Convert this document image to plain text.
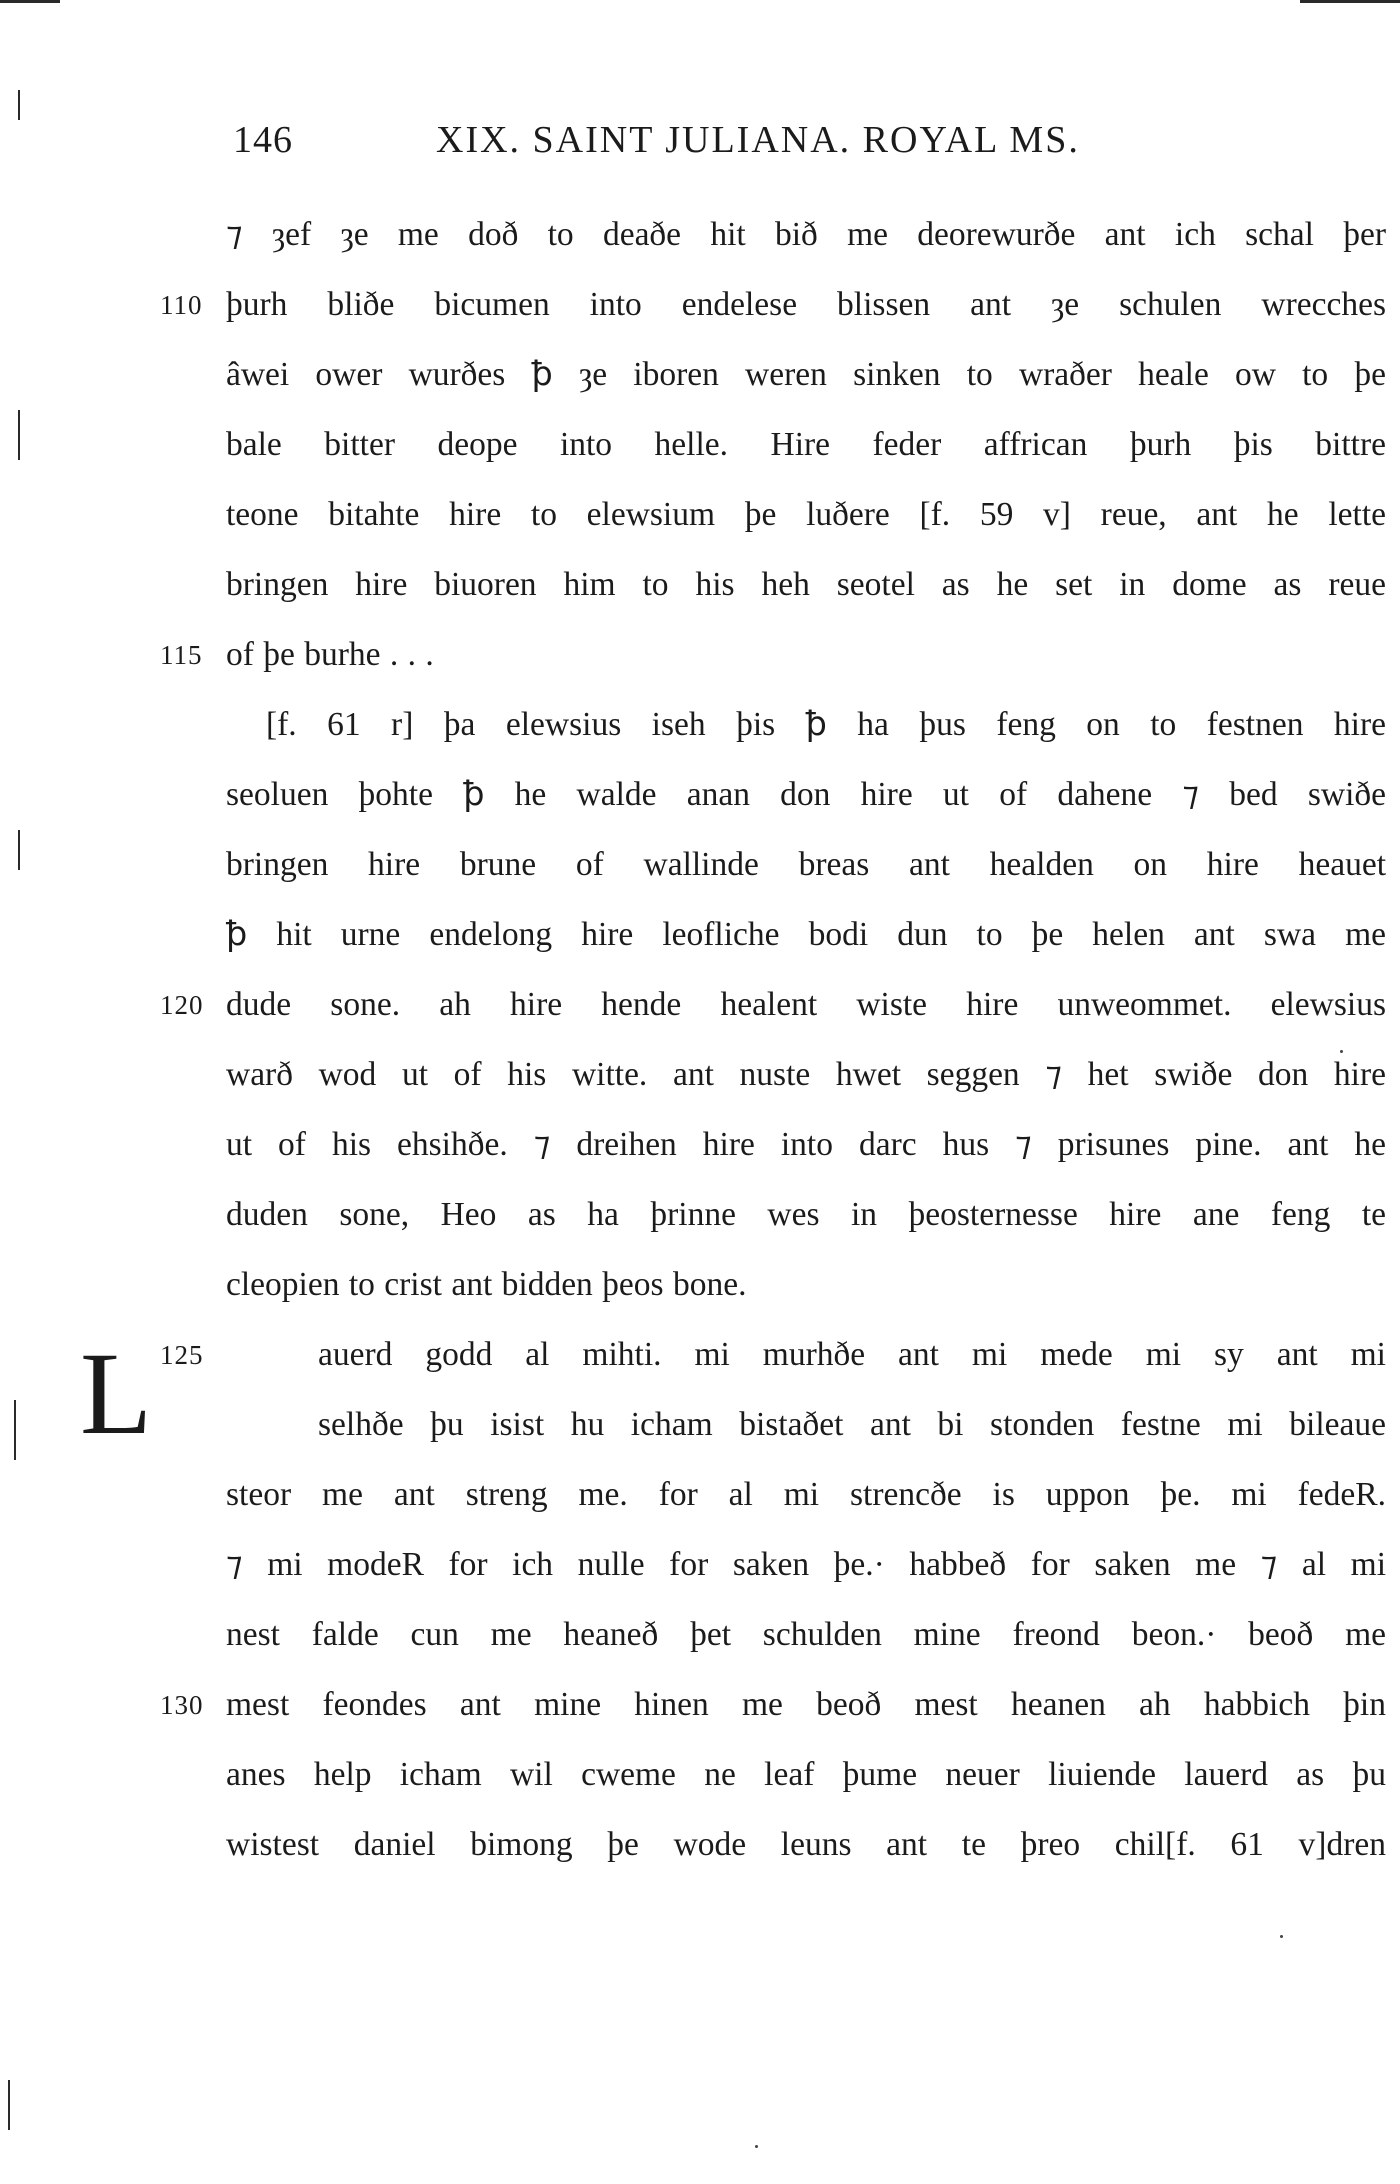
146	XIX. SAINT JULIANA. ROYAL MS.
L
⁊ ȝef ȝe me doð to deaðe hit bið me deorewurðe ant ich schal þer
110 þurh bliðe bicumen into endelese blissen ant ȝe schulen wrecches
âwei ower wurðes ꝥ ȝe iboren weren sinken to wraðer heale ow to þe
bale bitter deope into helle. Hire feder affrican þurh þis bittre
teone bitahte hire to elewsium þe luðere [f. 59 v] reue, ant he lette
bringen hire biuoren him to his heh seotel as he set in dome as reue
115 of þe burhe . . .
[f. 61 r] þa elewsius iseh þis ꝥ ha þus feng on to festnen hire
seoluen þohte ꝥ he walde anan don hire ut of dahene ⁊ bed swiðe
bringen hire brune of wallinde breas ant healden on hire heauet
ꝥ hit urne endelong hire leofliche bodi dun to þe helen ant swa me
120 dude sone. ah hire hende healent wiste hire unweommet. elewsius
warð wod ut of his witte. ant nuste hwet seggen ⁊ het swiðe don hire
ut of his ehsihðe. ⁊ dreihen hire into darc hus ⁊ prisunes pine. ant he
duden sone, Heo as ha þrinne wes in þeosternesse hire ane feng te
cleopien to crist ant bidden þeos bone.
125	auerd godd al mihti. mi murhðe ant mi mede mi sy ant mi
selhðe þu isist hu icham bistaðet ant bi stonden festne mi bileaue
steor me ant streng me. for al mi strencðe is uppon þe. mi fedeR.
⁊ mi modeR for ich nulle for saken þe.· habbeð for saken me ⁊ al mi
nest falde cun me heaneð þet schulden mine freond beon.· beoð me
130 mest feondes ant mine hinen me beoð mest heanen ah habbich þin
anes help icham wil cweme ne leaf þume neuer liuiende lauerd as þu
wistest daniel bimong þe wode leuns ant te þreo chil[f. 61 v]dren
